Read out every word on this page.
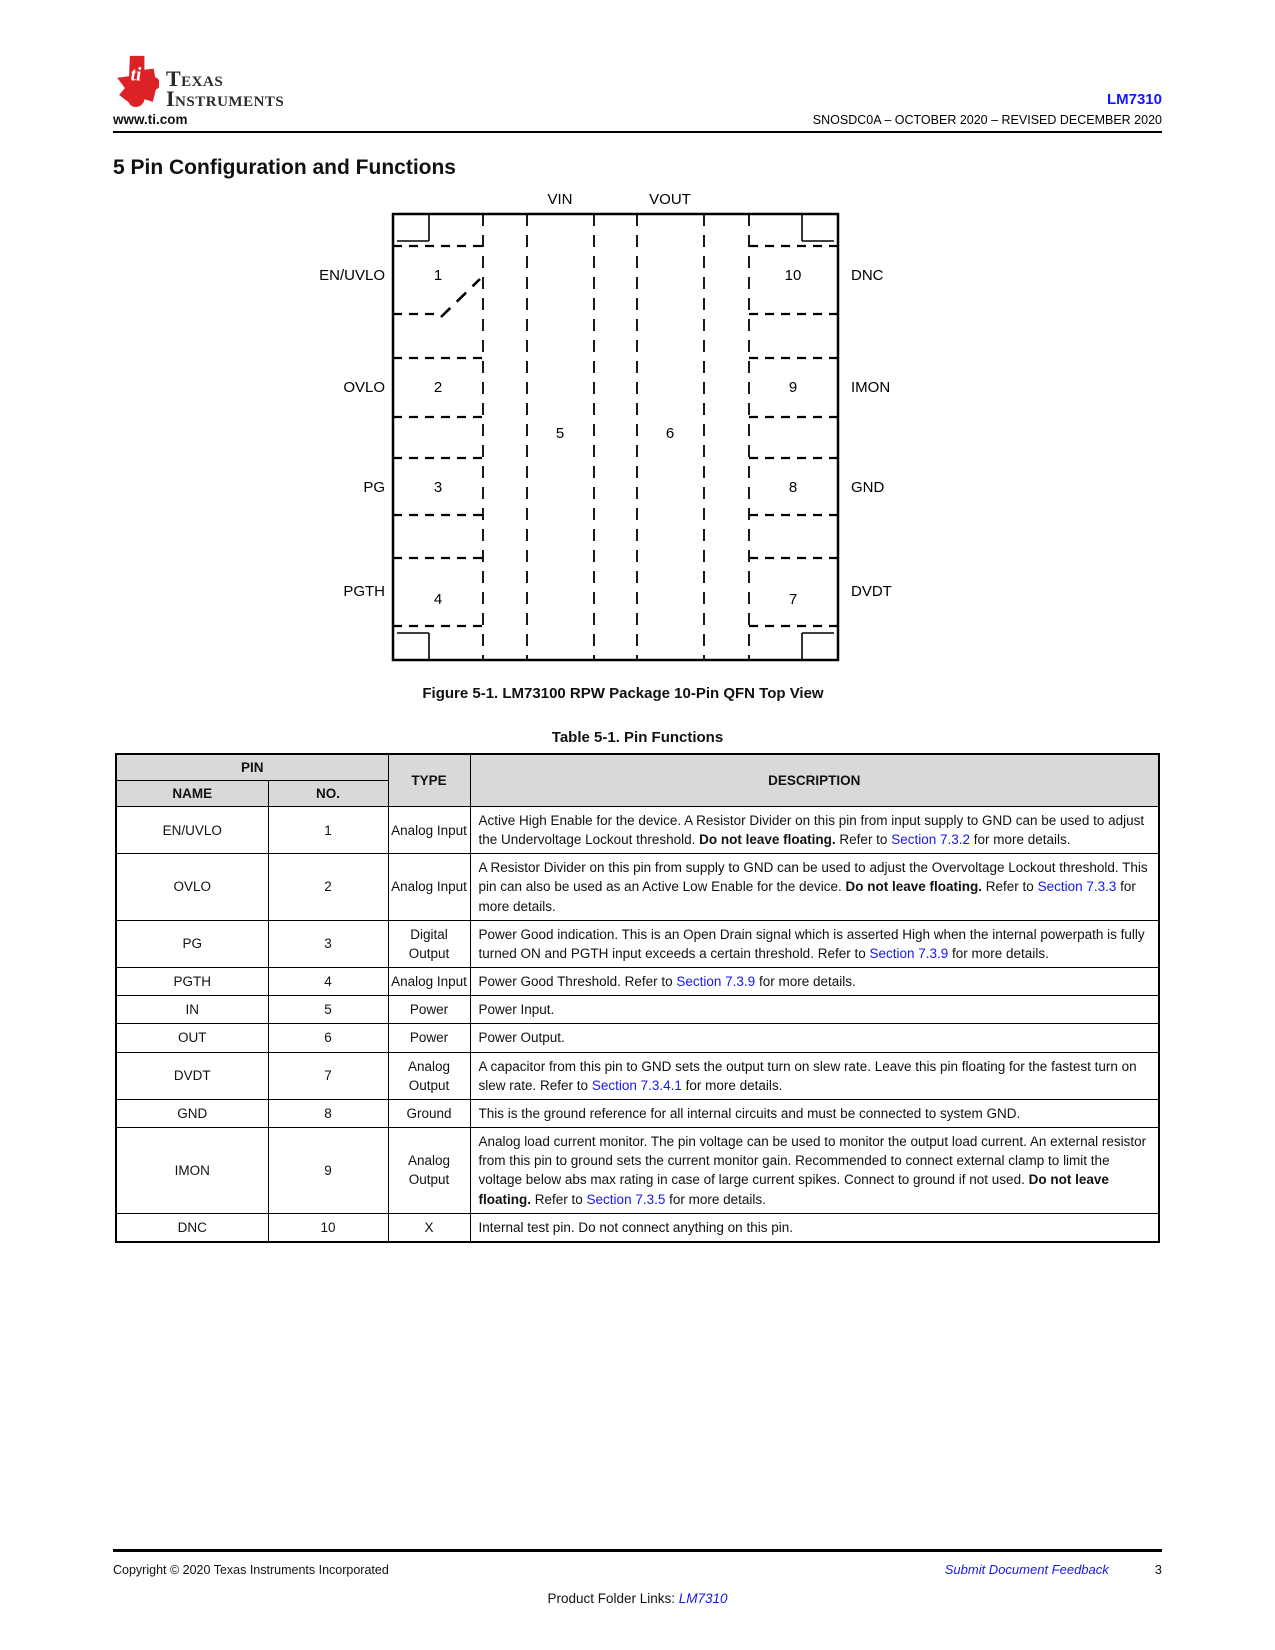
ti Texas
Instruments
www.ti.com
LM7310
SNOSDC0A – OCTOBER 2020 – REVISED DECEMBER 2020
5 Pin Configuration and Functions
VIN	VOUT
EN/UVLO
OVLO
PG
PGTH
1
2
3
4
5	6
10
9
8
7
DNC
IMON
GND
DVDT
Figure 5-1. LM73100 RPW Package 10-Pin QFN Top View
Table 5-1. Pin Functions
PIN		TYPE	DESCRIPTION
NAME	NO.		
EN/UVLO	1	Analog Input	Active High Enable for the device. A Resistor Divider on this pin from input supply to GND can be used to adjust the Undervoltage Lockout threshold. Do not leave floating. Refer to Section 7.3.2 for more details.
OVLO	2	Analog Input	A Resistor Divider on this pin from supply to GND can be used to adjust the Overvoltage Lockout threshold. This pin can also be used as an Active Low Enable for the device. Do not leave floating. Refer to Section 7.3.3 for more details.
PG	3	Digital Output	Power Good indication. This is an Open Drain signal which is asserted High when the internal powerpath is fully turned ON and PGTH input exceeds a certain threshold. Refer to Section 7.3.9 for more details.
PGTH	4	Analog Input	Power Good Threshold. Refer to Section 7.3.9 for more details.
IN	5	Power	Power Input.
OUT	6	Power	Power Output.
DVDT	7	Analog Output	A capacitor from this pin to GND sets the output turn on slew rate. Leave this pin floating for the fastest turn on slew rate. Refer to Section 7.3.4.1 for more details.
GND	8	Ground	This is the ground reference for all internal circuits and must be connected to system GND.
IMON	9	Analog Output	Analog load current monitor. The pin voltage can be used to monitor the output load current. An external resistor from this pin to ground sets the current monitor gain. Recommended to connect external clamp to limit the voltage below abs max rating in case of large current spikes. Connect to ground if not used. Do not leave floating. Refer to Section 7.3.5 for more details.
DNC	10	X	Internal test pin. Do not connect anything on this pin.
Copyright © 2020 Texas Instruments Incorporated	Submit Document Feedback	3
Product Folder Links: LM7310
